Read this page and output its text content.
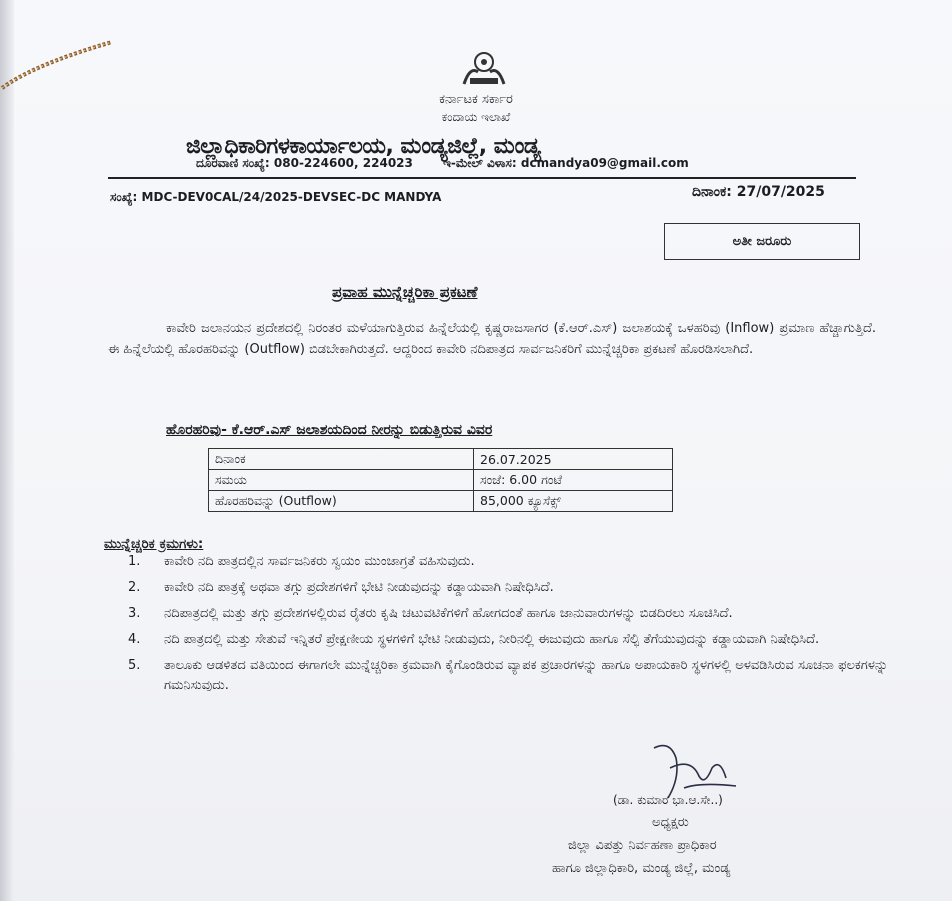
ಕರ್ನಾಟಕ ಸರ್ಕಾರ
ಕಂದಾಯ ಇಲಾಖೆ
ಜಿಲ್ಲಾಧಿಕಾರಿಗಳಕಾರ್ಯಾಲಯ, ಮಂಡ್ಯಜಿಲ್ಲೆ, ಮಂಡ್ಯ
ದೂರವಾಣಿ ಸಂಖ್ಯೆ: 080-224600, 224023	ಇ-ಮೇಲ್ ವಿಳಾಸ: dcmandya09@gmail.com
ಸಂಖ್ಯೆ: MDC-DEV0CAL/24/2025-DEVSEC-DC MANDYA	ದಿನಾಂಕ: 27/07/2025
ಅತೀ ಜರೂರು
ಪ್ರವಾಹ ಮುನ್ನೆಚ್ಚರಿಕಾ ಪ್ರಕಟಣೆ
ಕಾವೇರಿ ಜಲಾನಯನ ಪ್ರದೇಶದಲ್ಲಿ ನಿರಂತರ ಮಳೆಯಾಗುತ್ತಿರುವ ಹಿನ್ನೆಲೆಯಲ್ಲಿ ಕೃಷ್ಣರಾಜಸಾಗರ (ಕೆ.ಆರ್.ಎಸ್) ಜಲಾಶಯಕ್ಕೆ ಒಳಹರಿವು (Inflow) ಪ್ರಮಾಣ ಹೆಚ್ಚಾಗುತ್ತಿದೆ. ಈ ಹಿನ್ನೆಲೆಯಲ್ಲಿ ಹೊರಹರಿವನ್ನು (Outflow) ಬಿಡಬೇಕಾಗಿರುತ್ತದೆ. ಆದ್ದರಿಂದ ಕಾವೇರಿ ನದಿಪಾತ್ರದ ಸಾರ್ವಜನಿಕರಿಗೆ ಮುನ್ನೆಚ್ಚರಿಕಾ ಪ್ರಕಟಣೆ ಹೊರಡಿಸಲಾಗಿದೆ.
ಹೊರಹರಿವು- ಕೆ.ಆರ್.ಎಸ್ ಜಲಾಶಯದಿಂದ ನೀರನ್ನು ಬಿಡುತ್ತಿರುವ ವಿವರ
ದಿನಾಂಕ	26.07.2025
ಸಮಯ	ಸಂಜೆ: 6.00 ಗಂಟೆ
ಹೊರಹರಿವನ್ನು (Outflow)	85,000 ಕ್ಯೂಸೆಕ್ಸ್
ಮುನ್ನೆಚ್ಚರಿಕ ಕ್ರಮಗಳು:
1. ಕಾವೇರಿ ನದಿ ಪಾತ್ರದಲ್ಲಿನ ಸಾರ್ವಜನಿಕರು ಸ್ವಯಂ ಮುಂಜಾಗ್ರತೆ ವಹಿಸುವುದು.
2. ಕಾವೇರಿ ನದಿ ಪಾತ್ರಕ್ಕೆ ಅಥವಾ ತಗ್ಗು ಪ್ರದೇಶಗಳಿಗೆ ಭೇಟಿ ನೀಡುವುದನ್ನು ಕಡ್ಡಾಯವಾಗಿ ನಿಷೇಧಿಸಿದೆ.
3. ನದಿಪಾತ್ರದಲ್ಲಿ ಮತ್ತು ತಗ್ಗು ಪ್ರದೇಶಗಳಲ್ಲಿರುವ ರೈತರು ಕೃಷಿ ಚಟುವಟಿಕೆಗಳಿಗೆ ಹೋಗದಂತೆ ಹಾಗೂ ಜಾನುವಾರುಗಳನ್ನು ಬಿಡದಿರಲು ಸೂಚಿಸಿದೆ.
4. ನದಿ ಪಾತ್ರದಲ್ಲಿ ಮತ್ತು ಸೇತುವೆ ಇನ್ನಿತರೆ ಪ್ರೇಕ್ಷಣೀಯ ಸ್ಥಳಗಳಿಗೆ ಭೇಟಿ ನೀಡುವುದು, ನೀರಿನಲ್ಲಿ ಈಜುವುದು ಹಾಗೂ ಸೆಲ್ಫಿ ತೆಗೆಯುವುದನ್ನು ಕಡ್ಡಾಯವಾಗಿ ನಿಷೇಧಿಸಿದೆ.
5. ತಾಲೂಕು ಆಡಳಿತದ ವತಿಯಿಂದ ಈಗಾಗಲೇ ಮುನ್ನೆಚ್ಚರಿಕಾ ಕ್ರಮವಾಗಿ ಕೈಗೊಂಡಿರುವ ವ್ಯಾಪಕ ಪ್ರಚಾರಗಳನ್ನು ಹಾಗೂ ಅಪಾಯಕಾರಿ ಸ್ಥಳಗಳಲ್ಲಿ ಅಳವಡಿಸಿರುವ ಸೂಚನಾ ಫಲಕಗಳನ್ನು ಗಮನಿಸುವುದು.
(ಡಾ. ಕುಮಾರ ಭಾ.ಆ.ಸೇ..)
ಅಧ್ಯಕ್ಷರು
ಜಿಲ್ಲಾ ವಿಪತ್ತು ನಿರ್ವಹಣಾ ಪ್ರಾಧಿಕಾರ
ಹಾಗೂ ಜಿಲ್ಲಾಧಿಕಾರಿ, ಮಂಡ್ಯ ಜಿಲ್ಲೆ, ಮಂಡ್ಯ
